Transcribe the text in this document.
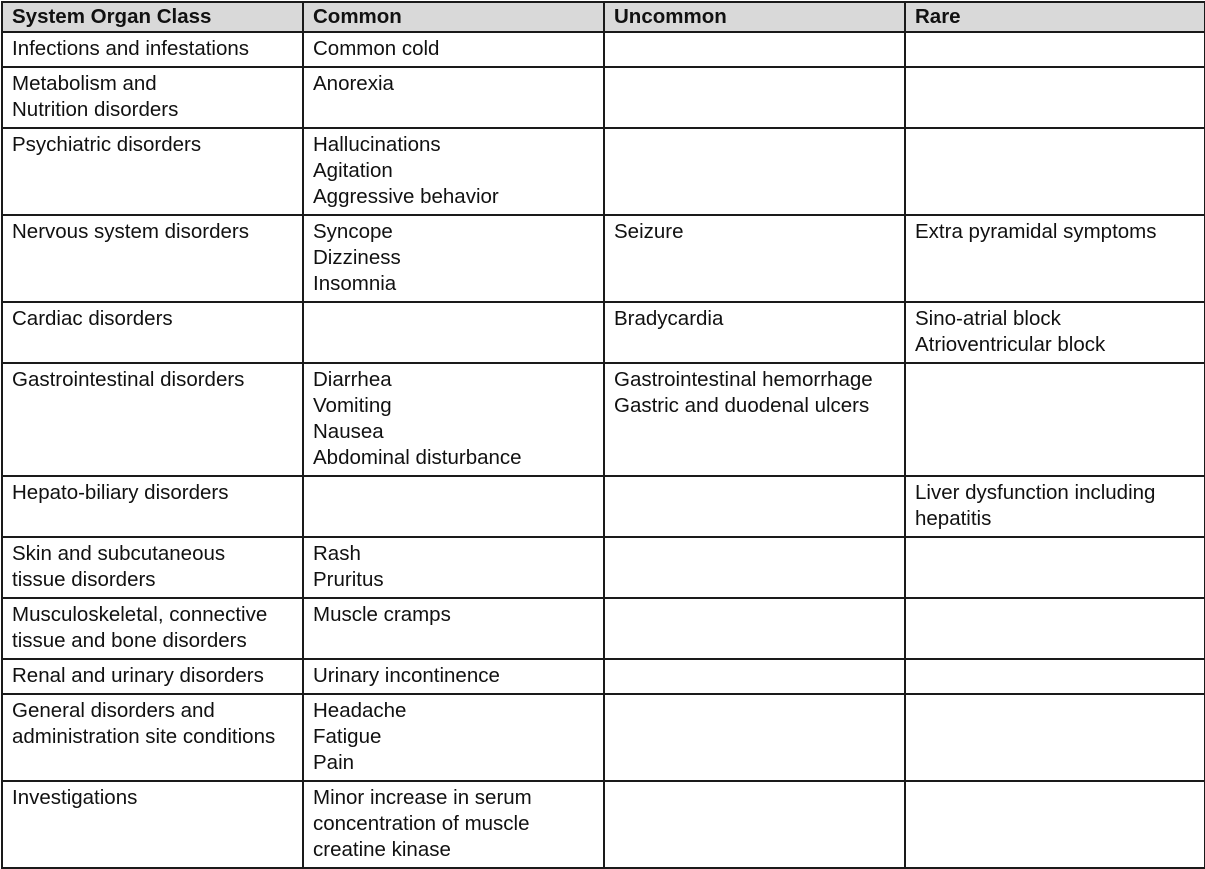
System Organ Class	Common	Uncommon	Rare

Infections and infestations	Common cold		

Metabolism and
Nutrition disorders	Anorexia		

Psychiatric disorders	Hallucinations
Agitation
Aggressive behavior		

Nervous system disorders	Syncope
Dizziness
Insomnia	Seizure	Extra pyramidal symptoms

Cardiac disorders		Bradycardia	Sino-atrial block
Atrioventricular block

Gastrointestinal disorders	Diarrhea
Vomiting
Nausea
Abdominal disturbance	Gastrointestinal hemorrhage
Gastric and duodenal ulcers	

Hepato-biliary disorders			Liver dysfunction including
hepatitis

Skin and subcutaneous
tissue disorders	Rash
Pruritus		

Musculoskeletal, connective
tissue and bone disorders	Muscle cramps		

Renal and urinary disorders	Urinary incontinence		

General disorders and
administration site conditions	Headache
Fatigue
Pain		

Investigations	Minor increase in serum
concentration of muscle
creatine kinase		
